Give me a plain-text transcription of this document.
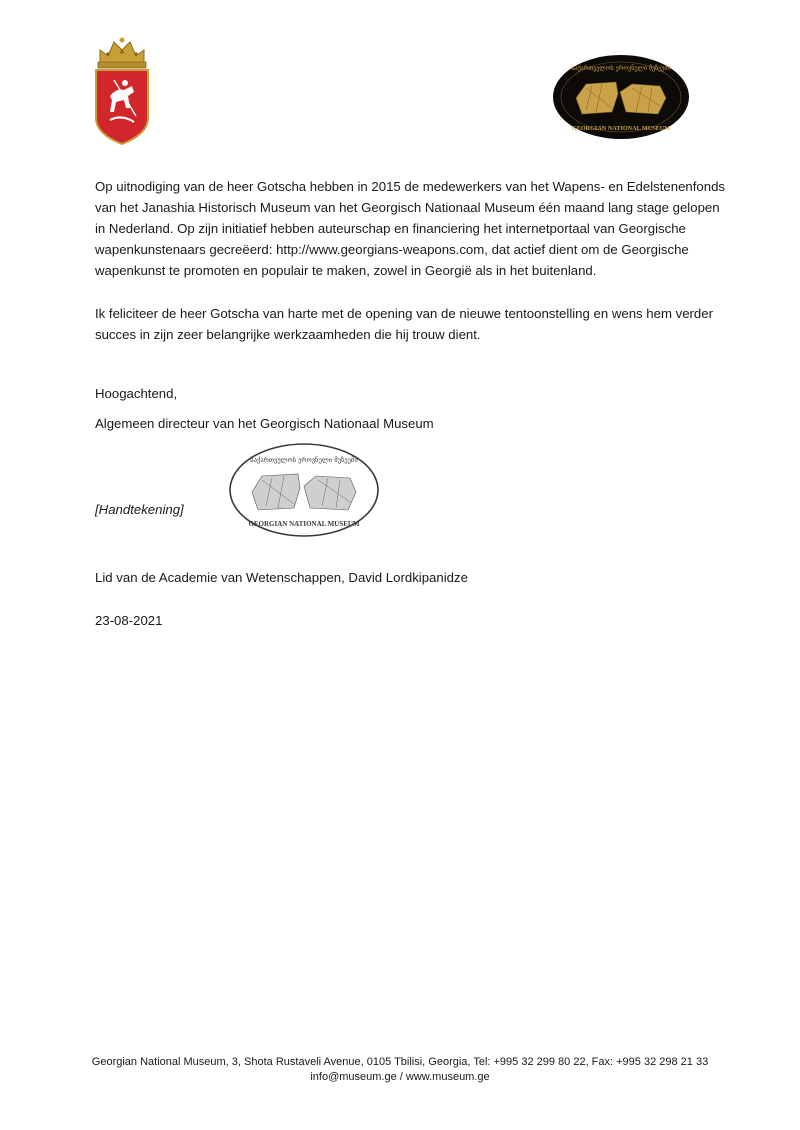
საქართველოს ეროვნული მუზეუმი
GEORGIAN NATIONAL MUSEUM
Op uitnodiging van de heer Gotscha hebben in 2015 de medewerkers van het Wapens- en Edelstenenfonds van het Janashia Historisch Museum van het Georgisch Nationaal Museum één maand lang stage gelopen in Nederland. Op zijn initiatief hebben auteurschap en financiering het internetportaal van Georgische wapenkunstenaars gecreëerd: http://www.georgians-weapons.com, dat actief dient om de Georgische wapenkunst te promoten en populair te maken, zowel in Georgië als in het buitenland.
Ik feliciteer de heer Gotscha van harte met de opening van de nieuwe tentoonstelling en wens hem verder succes in zijn zeer belangrijke werkzaamheden die hij trouw dient.
Hoogachtend,
Algemeen directeur van het Georgisch Nationaal Museum
საქართველოს ეროვნული მუზეუმი
GEORGIAN NATIONAL MUSEUM
[Handtekening]
Lid van de Academie van Wetenschappen, David Lordkipanidze
23-08-2021
Georgian National Museum, 3, Shota Rustaveli Avenue, 0105 Tbilisi, Georgia, Tel: +995 32 299 80 22, Fax: +995 32 298 21 33
info@museum.ge / www.museum.ge
